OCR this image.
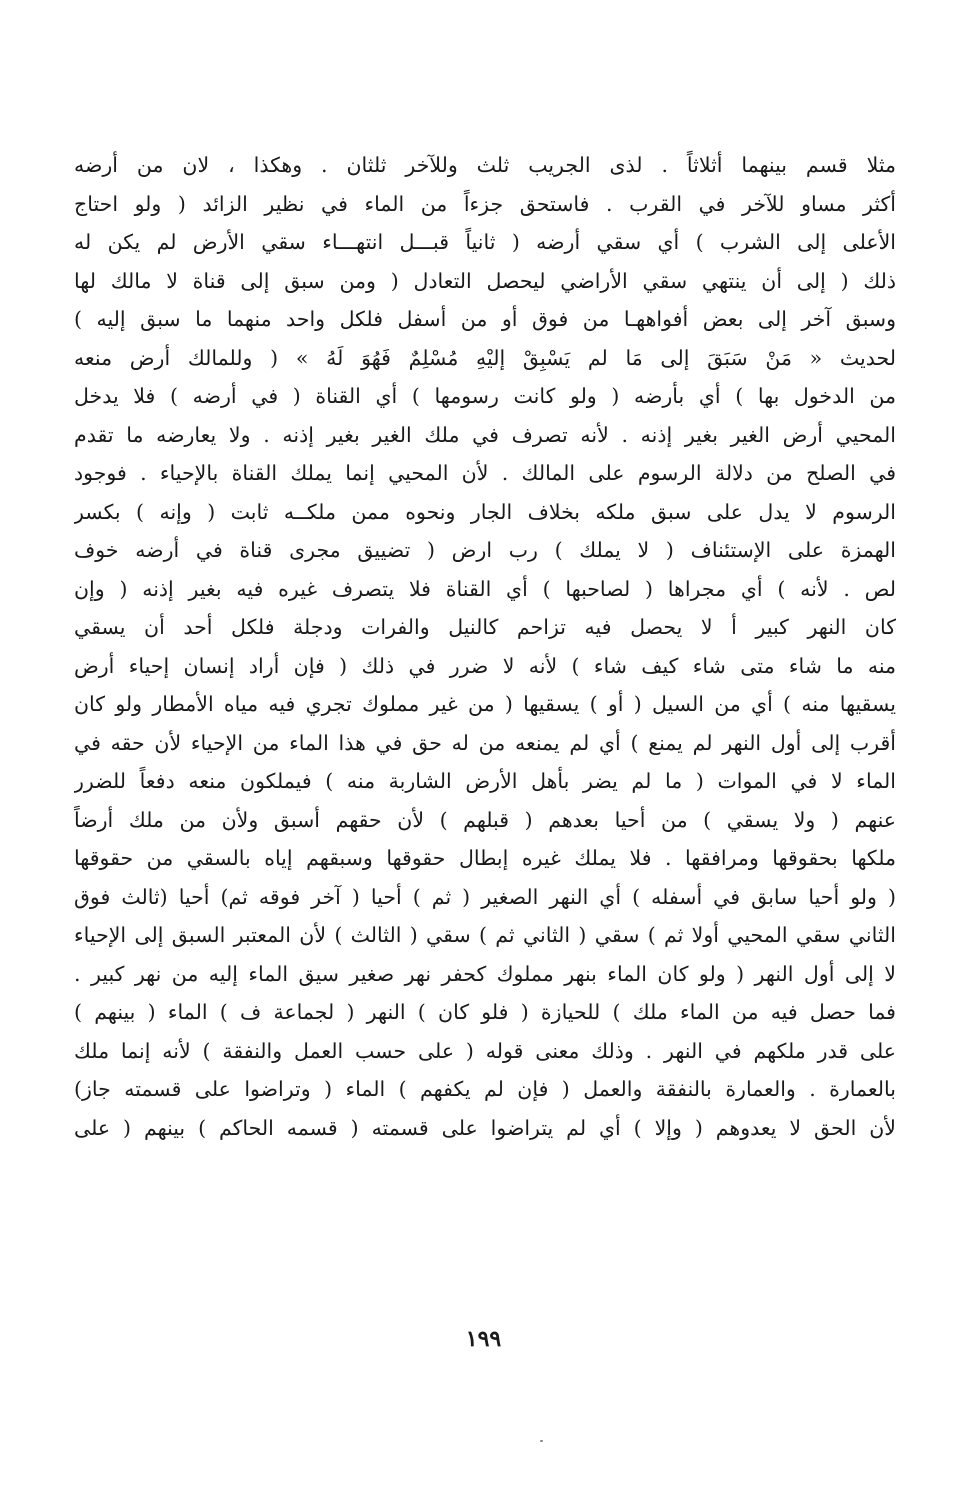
مثلا قسم بينهما أثلاثاً . لذى الجريب ثلث وللآخر ثلثان . وهكذا ، لان من أرضه
أكثر مساو للآخر في القرب . فاستحق جزءاً من الماء في نظير الزائد ( ولو احتاج
الأعلى إلى الشرب ) أي سقي أرضه ( ثانياً قبـــل انتهـــاء سقي الأرض لم يكن له
ذلك ( إلى أن ينتهي سقي الأراضي ليحصل التعادل ( ومن سبق إلى قناة لا مالك لها
وسبق آخر إلى بعض أفواههـا من فوق أو من أسفل فلكل واحد منهما ما سبق إليه )
لحديث « مَنْ سَبَقَ إلى مَا لم يَسْبِقْ إليْهِ مُسْلِمٌ فَهُوَ لَهُ » ( وللمالك أرض منعه
من الدخول بها ) أي بأرضه ( ولو كانت رسومها ) أي القناة ( في أرضه ) فلا يدخل
المحيي أرض الغير بغير إذنه . لأنه تصرف في ملك الغير بغير إذنه . ولا يعارضه ما تقدم
في الصلح من دلالة الرسوم على المالك . لأن المحيي إنما يملك القناة بالإحياء . فوجود
الرسوم لا يدل على سبق ملكه بخلاف الجار ونحوه ممن ملكــه ثابت ( وإنه ) بكسر
الهمزة على الإستئناف ( لا يملك ) رب ارض ( تضييق مجرى قناة في أرضه خوف
لص . لأنه ) أي مجراها ( لصاحبها ) أي القناة فلا يتصرف غيره فيه بغير إذنه ( وإن
كان النهر كبير أ لا يحصل فيه تزاحم كالنيل والفرات ودجلة فلكل أحد أن يسقي
منه ما شاء متى شاء كيف شاء ) لأنه لا ضرر في ذلك ( فإن أراد إنسان إحياء أرض
يسقيها منه ) أي من السيل ( أو ) يسقيها ( من غير مملوك تجري فيه مياه الأمطار ولو كان
أقرب إلى أول النهر لم يمنع ) أي لم يمنعه من له حق في هذا الماء من الإحياء لأن حقه في
الماء لا في الموات ( ما لم يضر بأهل الأرض الشاربة منه ) فيملكون منعه دفعاً للضرر
عنهم ( ولا يسقي ) من أحيا بعدهم ( قبلهم ) لأن حقهم أسبق ولأن من ملك أرضاً
ملكها بحقوقها ومرافقها . فلا يملك غيره إبطال حقوقها وسبقهم إياه بالسقي من حقوقها
( ولو أحيا سابق في أسفله ) أي النهر الصغير ( ثم ) أحيا ( آخر فوقه ثم) أحيا (ثالث فوق
الثاني سقي المحيي أولا ثم ) سقي ( الثاني ثم ) سقي ( الثالث ) لأن المعتبر السبق إلى الإحياء
لا إلى أول النهر ( ولو كان الماء بنهر مملوك كحفر نهر صغير سيق الماء إليه من نهر كبير .
فما حصل فيه من الماء ملك ) للحيازة ( فلو كان ) النهر ( لجماعة ف ) الماء ( بينهم )
على قدر ملكهم في النهر . وذلك معنى قوله ( على حسب العمل والنفقة ) لأنه إنما ملك
بالعمارة . والعمارة بالنفقة والعمل ( فإن لم يكفهم ) الماء ( وتراضوا على قسمته جاز)
لأن الحق لا يعدوهم ( وإلا ) أي لم يتراضوا على قسمته ( قسمه الحاكم ) بينهم ( على
١٩٩
